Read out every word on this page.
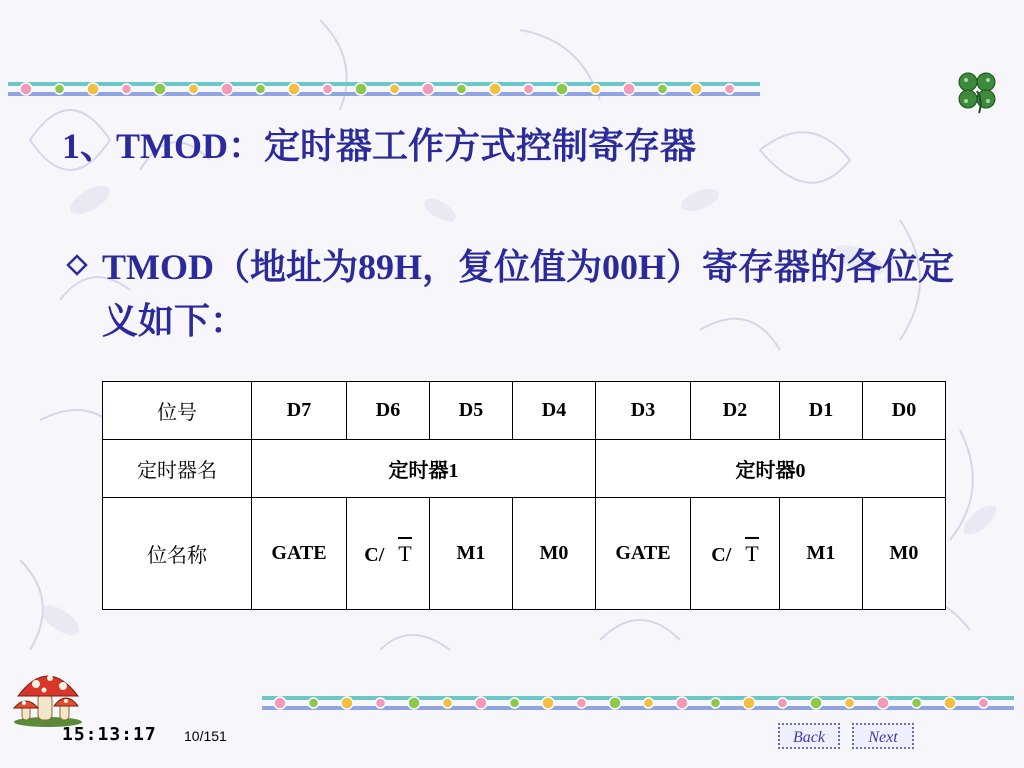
1、TMOD：定时器工作方式控制寄存器
TMOD（地址为89H，复位值为00H）寄存器的各位定义如下：
位号	D7	D6	D5	D4	D3	D2	D1	D0
定时器名	定时器1				定时器0			
位名称	GATE	C/ T	M1	M0	GATE	C/ T	M1	M0
15:13:17 10/151	Back	Next
